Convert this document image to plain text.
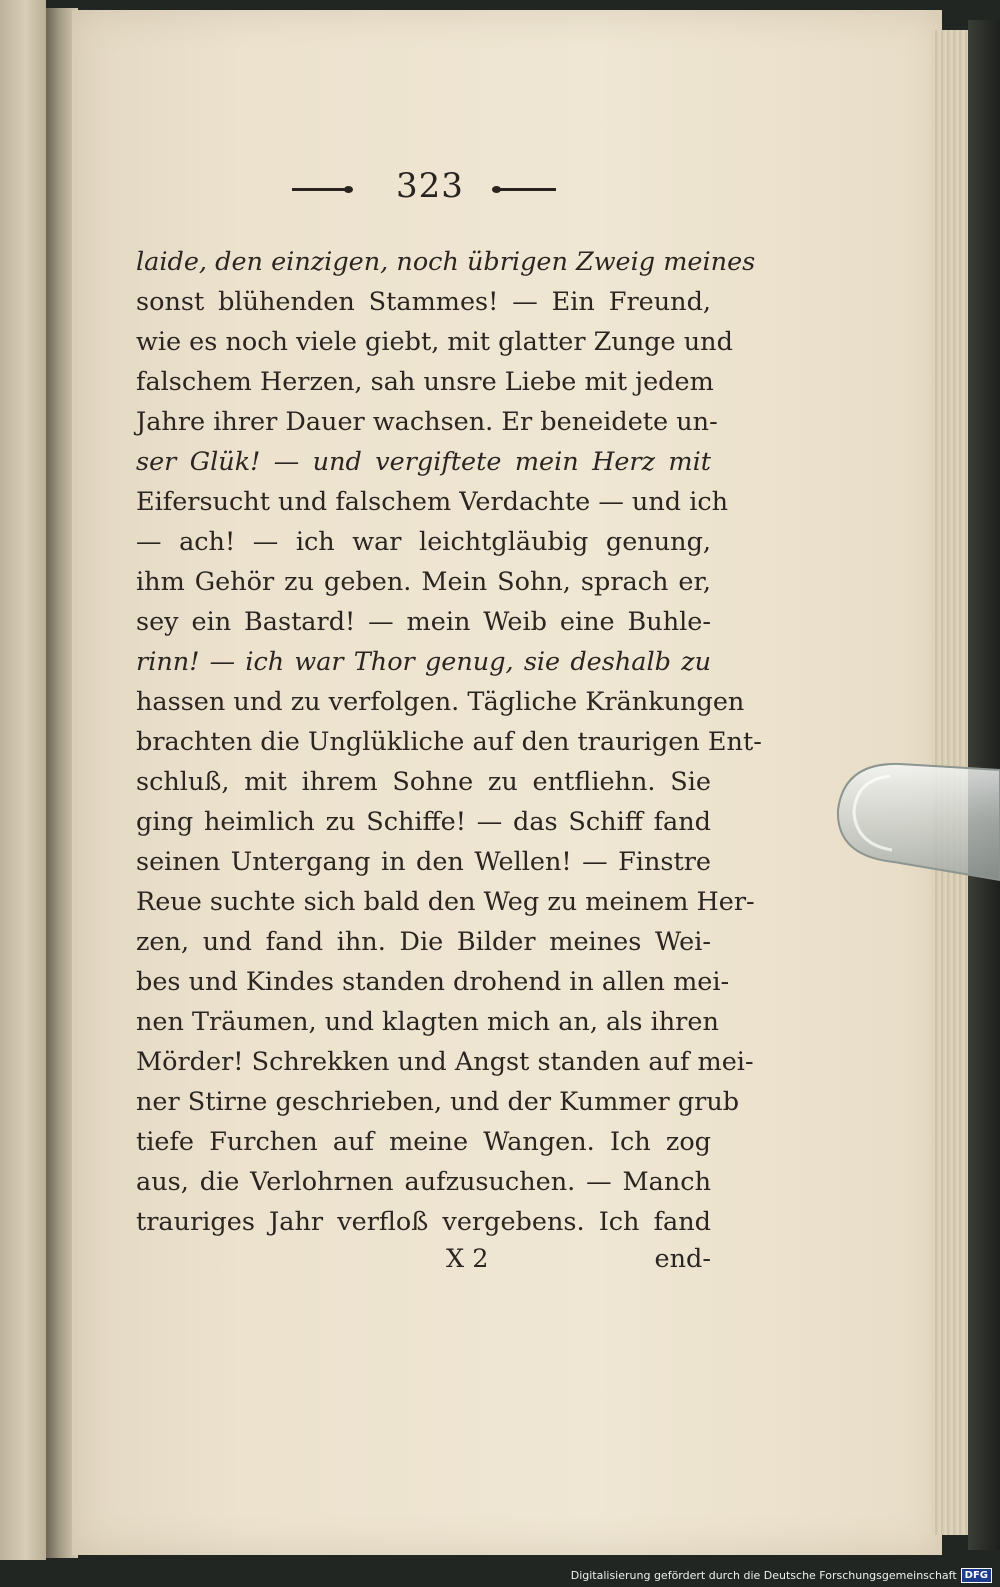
323
laide, den einzigen, noch übrigen Zweig meines
sonst blühenden Stammes! — Ein Freund,
wie es noch viele giebt, mit glatter Zunge und
falschem Herzen, sah unsre Liebe mit jedem
Jahre ihrer Dauer wachsen. Er beneidete un-
ser Glük! — und vergiftete mein Herz mit
Eifersucht und falschem Verdachte — und ich
— ach! — ich war leichtgläubig genung,
ihm Gehör zu geben. Mein Sohn, sprach er,
sey ein Bastard! — mein Weib eine Buhle-
rinn! — ich war Thor genug, sie deshalb zu
hassen und zu verfolgen. Tägliche Kränkungen
brachten die Unglükliche auf den traurigen Ent-
schluß, mit ihrem Sohne zu entfliehn. Sie
ging heimlich zu Schiffe! — das Schiff fand
seinen Untergang in den Wellen! — Finstre
Reue suchte sich bald den Weg zu meinem Her-
zen, und fand ihn. Die Bilder meines Wei-
bes und Kindes standen drohend in allen mei-
nen Träumen, und klagten mich an, als ihren
Mörder! Schrekken und Angst standen auf mei-
ner Stirne geschrieben, und der Kummer grub
tiefe Furchen auf meine Wangen. Ich zog
aus, die Verlohrnen aufzusuchen. — Manch
trauriges Jahr verfloß vergebens. Ich fand
X 2	end-
Digitalisierung gefördert durch die Deutsche Forschungsgemeinschaft DFG
